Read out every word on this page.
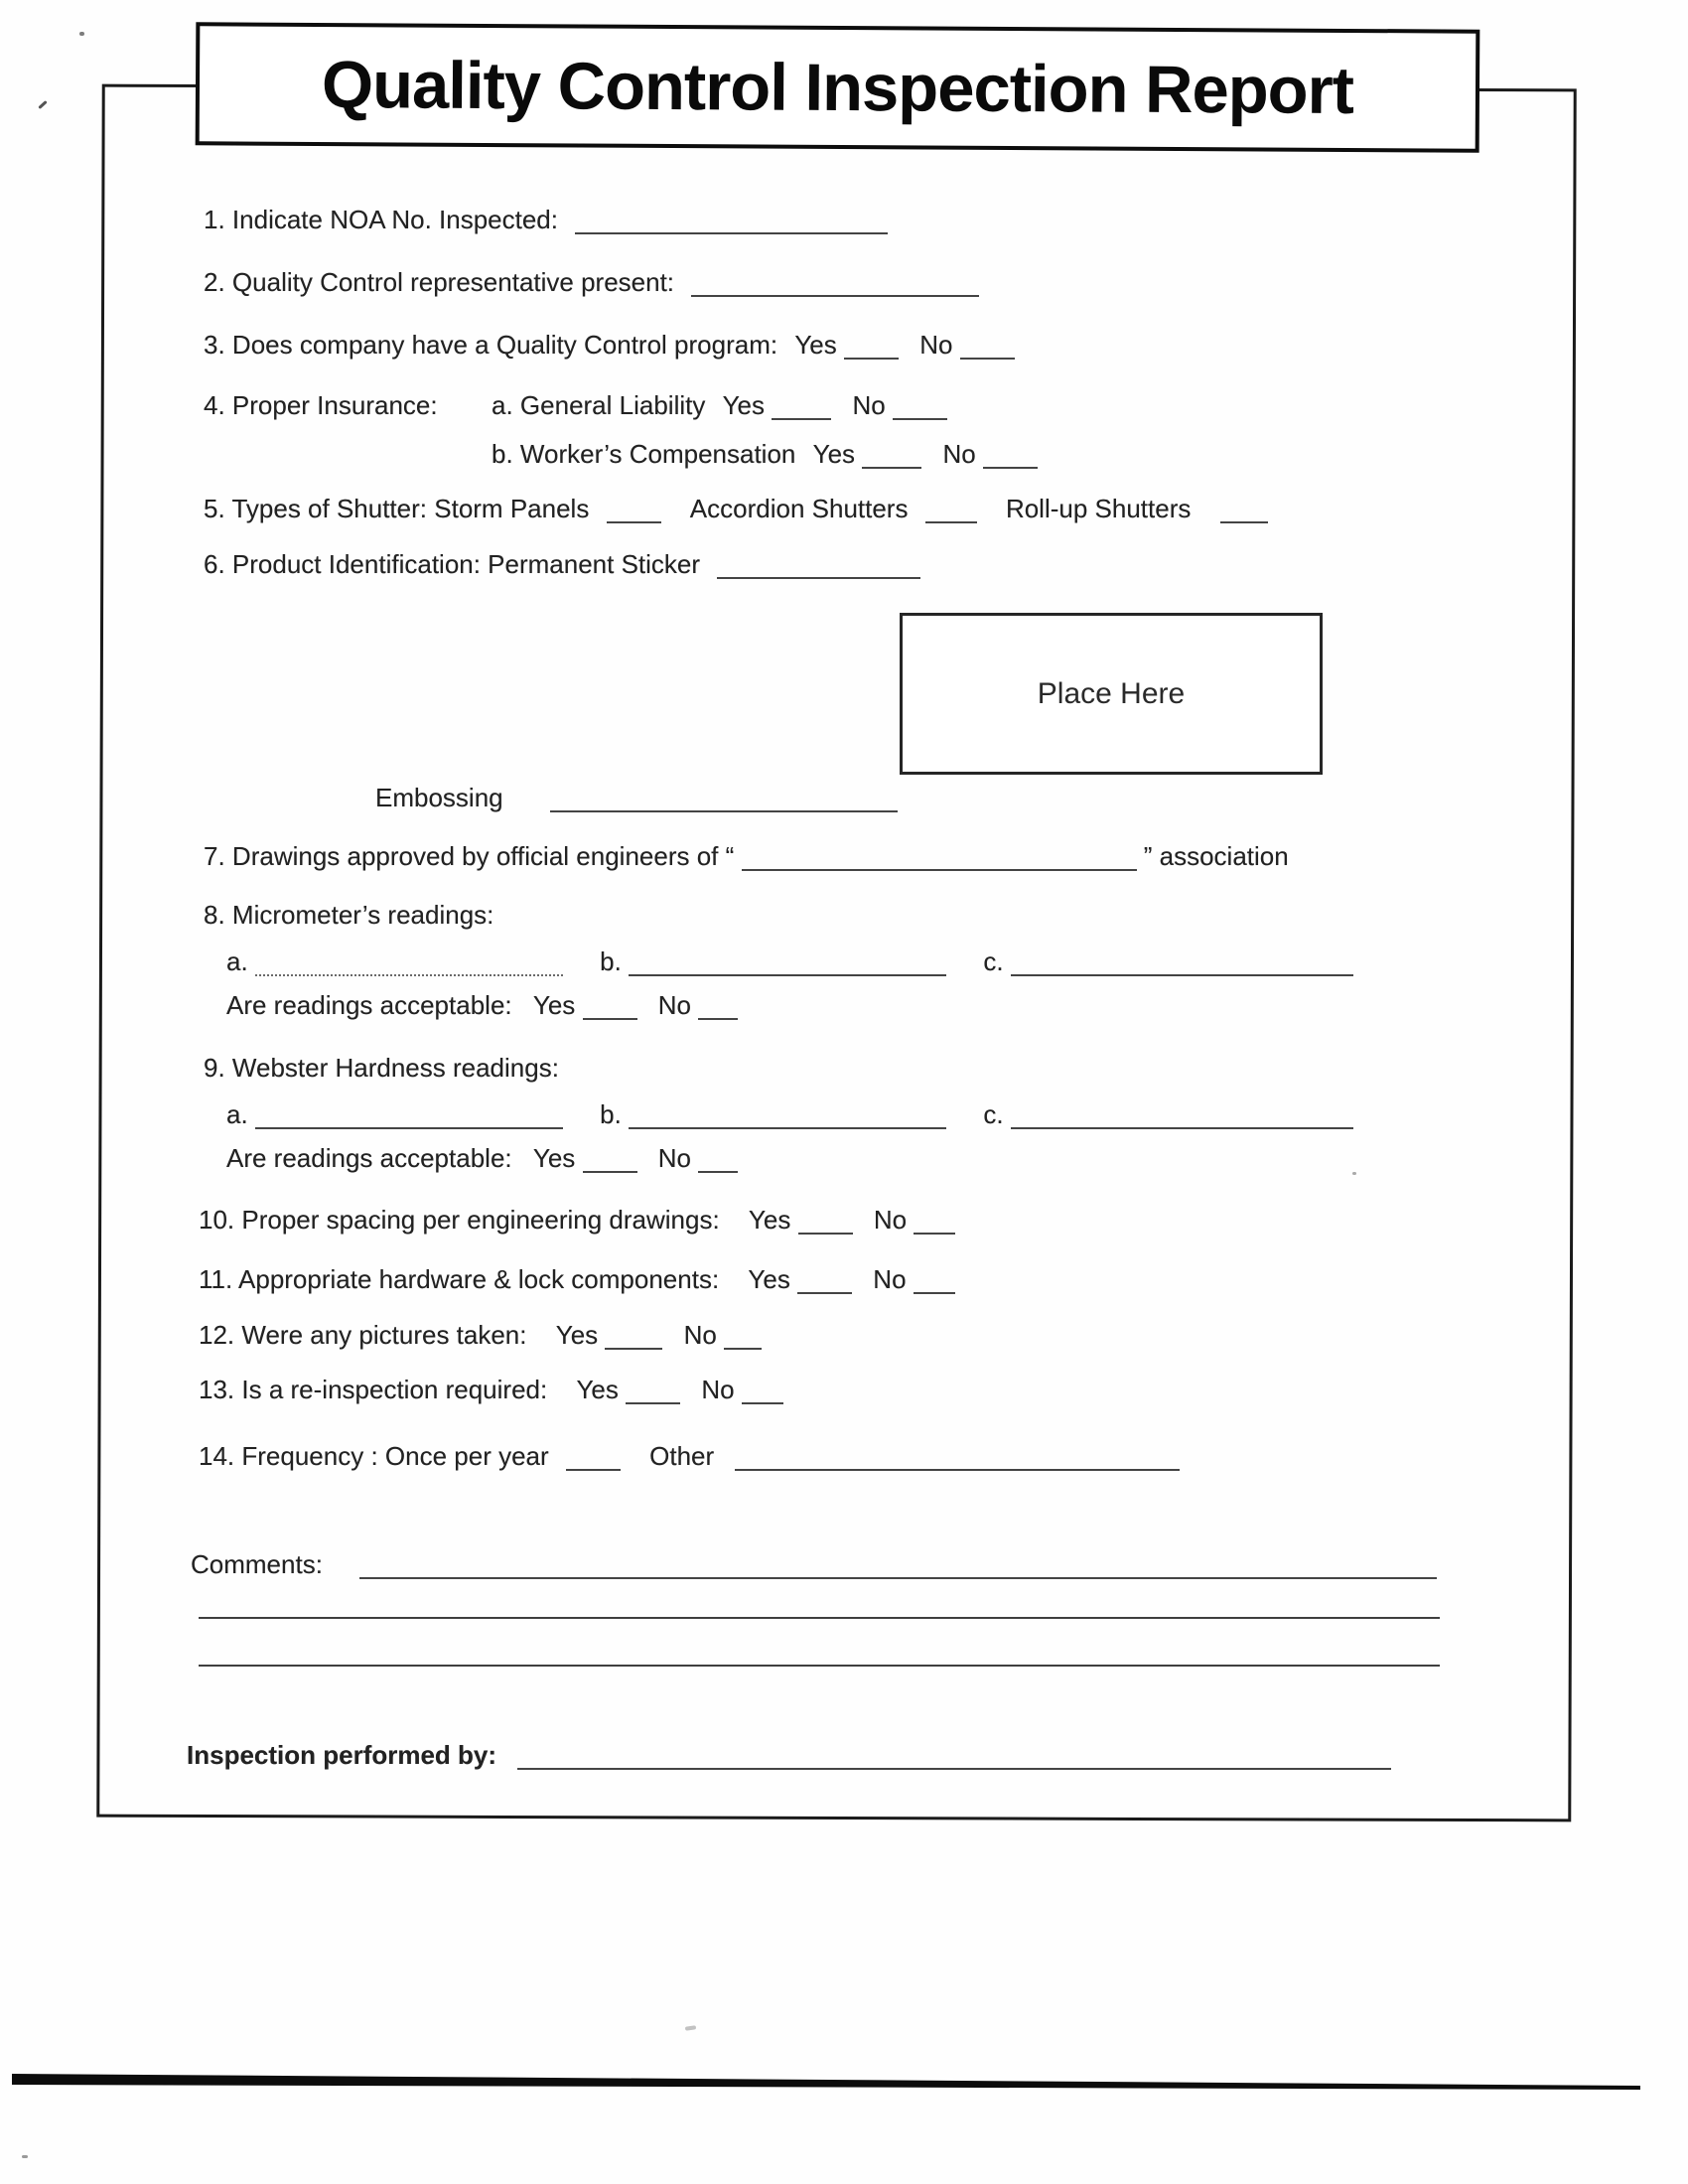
Quality Control Inspection Report
1. Indicate NOA No. Inspected:
2. Quality Control representative present:
3. Does company have a Quality Control program: Yes	No
4. Proper Insurance: a. General Liability Yes	No
b. Worker’s Compensation Yes	No
5. Types of Shutter: Storm Panels	Accordion Shutters	Roll-up Shutters
6. Product Identification: Permanent Sticker
Place Here
Embossing
7. Drawings approved by official engineers of “	” association
8. Micrometer’s readings:
a.	b.	c.
Are readings acceptable: Yes	No
9. Webster Hardness readings:
a.	b.	c.
Are readings acceptable: Yes	No
10. Proper spacing per engineering drawings: Yes	No
11. Appropriate hardware & lock components: Yes	No
12. Were any pictures taken: Yes	No
13. Is a re-inspection required: Yes	No
14. Frequency : Once per year	Other
Comments:
Inspection performed by:
